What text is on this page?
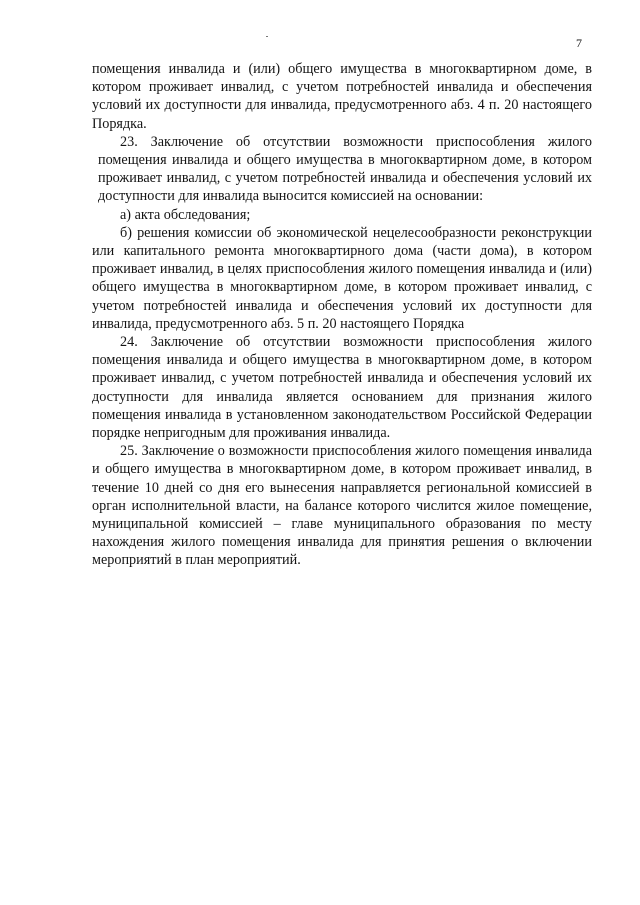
7

помещения инвалида и (или) общего имущества в многоквартирном доме, в котором проживает инвалид, с учетом потребностей инвалида и обеспечения условий их доступности для инвалида, предусмотренного абз. 4 п. 20 настоящего Порядка.

23. Заключение об отсутствии возможности приспособления жилого помещения инвалида и общего имущества в многоквартирном доме, в котором проживает инвалид, с учетом потребностей инвалида и обеспечения условий их доступности для инвалида выносится комиссией на основании:

а) акта обследования;

б) решения комиссии об экономической нецелесообразности реконструкции или капитального ремонта многоквартирного дома (части дома), в котором проживает инвалид, в целях приспособления жилого помещения инвалида и (или) общего имущества в многоквартирном доме, в котором проживает инвалид, с учетом потребностей инвалида и обеспечения условий их доступности для инвалида, предусмотренного абз. 5 п. 20 настоящего Порядка

24. Заключение об отсутствии возможности приспособления жилого помещения инвалида и общего имущества в многоквартирном доме, в котором проживает инвалид, с учетом потребностей инвалида и обеспечения условий их доступности для инвалида является основанием для признания жилого помещения инвалида в установленном законодательством Российской Федерации порядке непригодным для проживания инвалида.

25. Заключение о возможности приспособления жилого помещения инвалида и общего имущества в многоквартирном доме, в котором проживает инвалид, в течение 10 дней со дня его вынесения направляется региональной комиссией в орган исполнительной власти, на балансе которого числится жилое помещение, муниципальной комиссией – главе муниципального образования по месту нахождения жилого помещения инвалида для принятия решения о включении мероприятий в план мероприятий.
